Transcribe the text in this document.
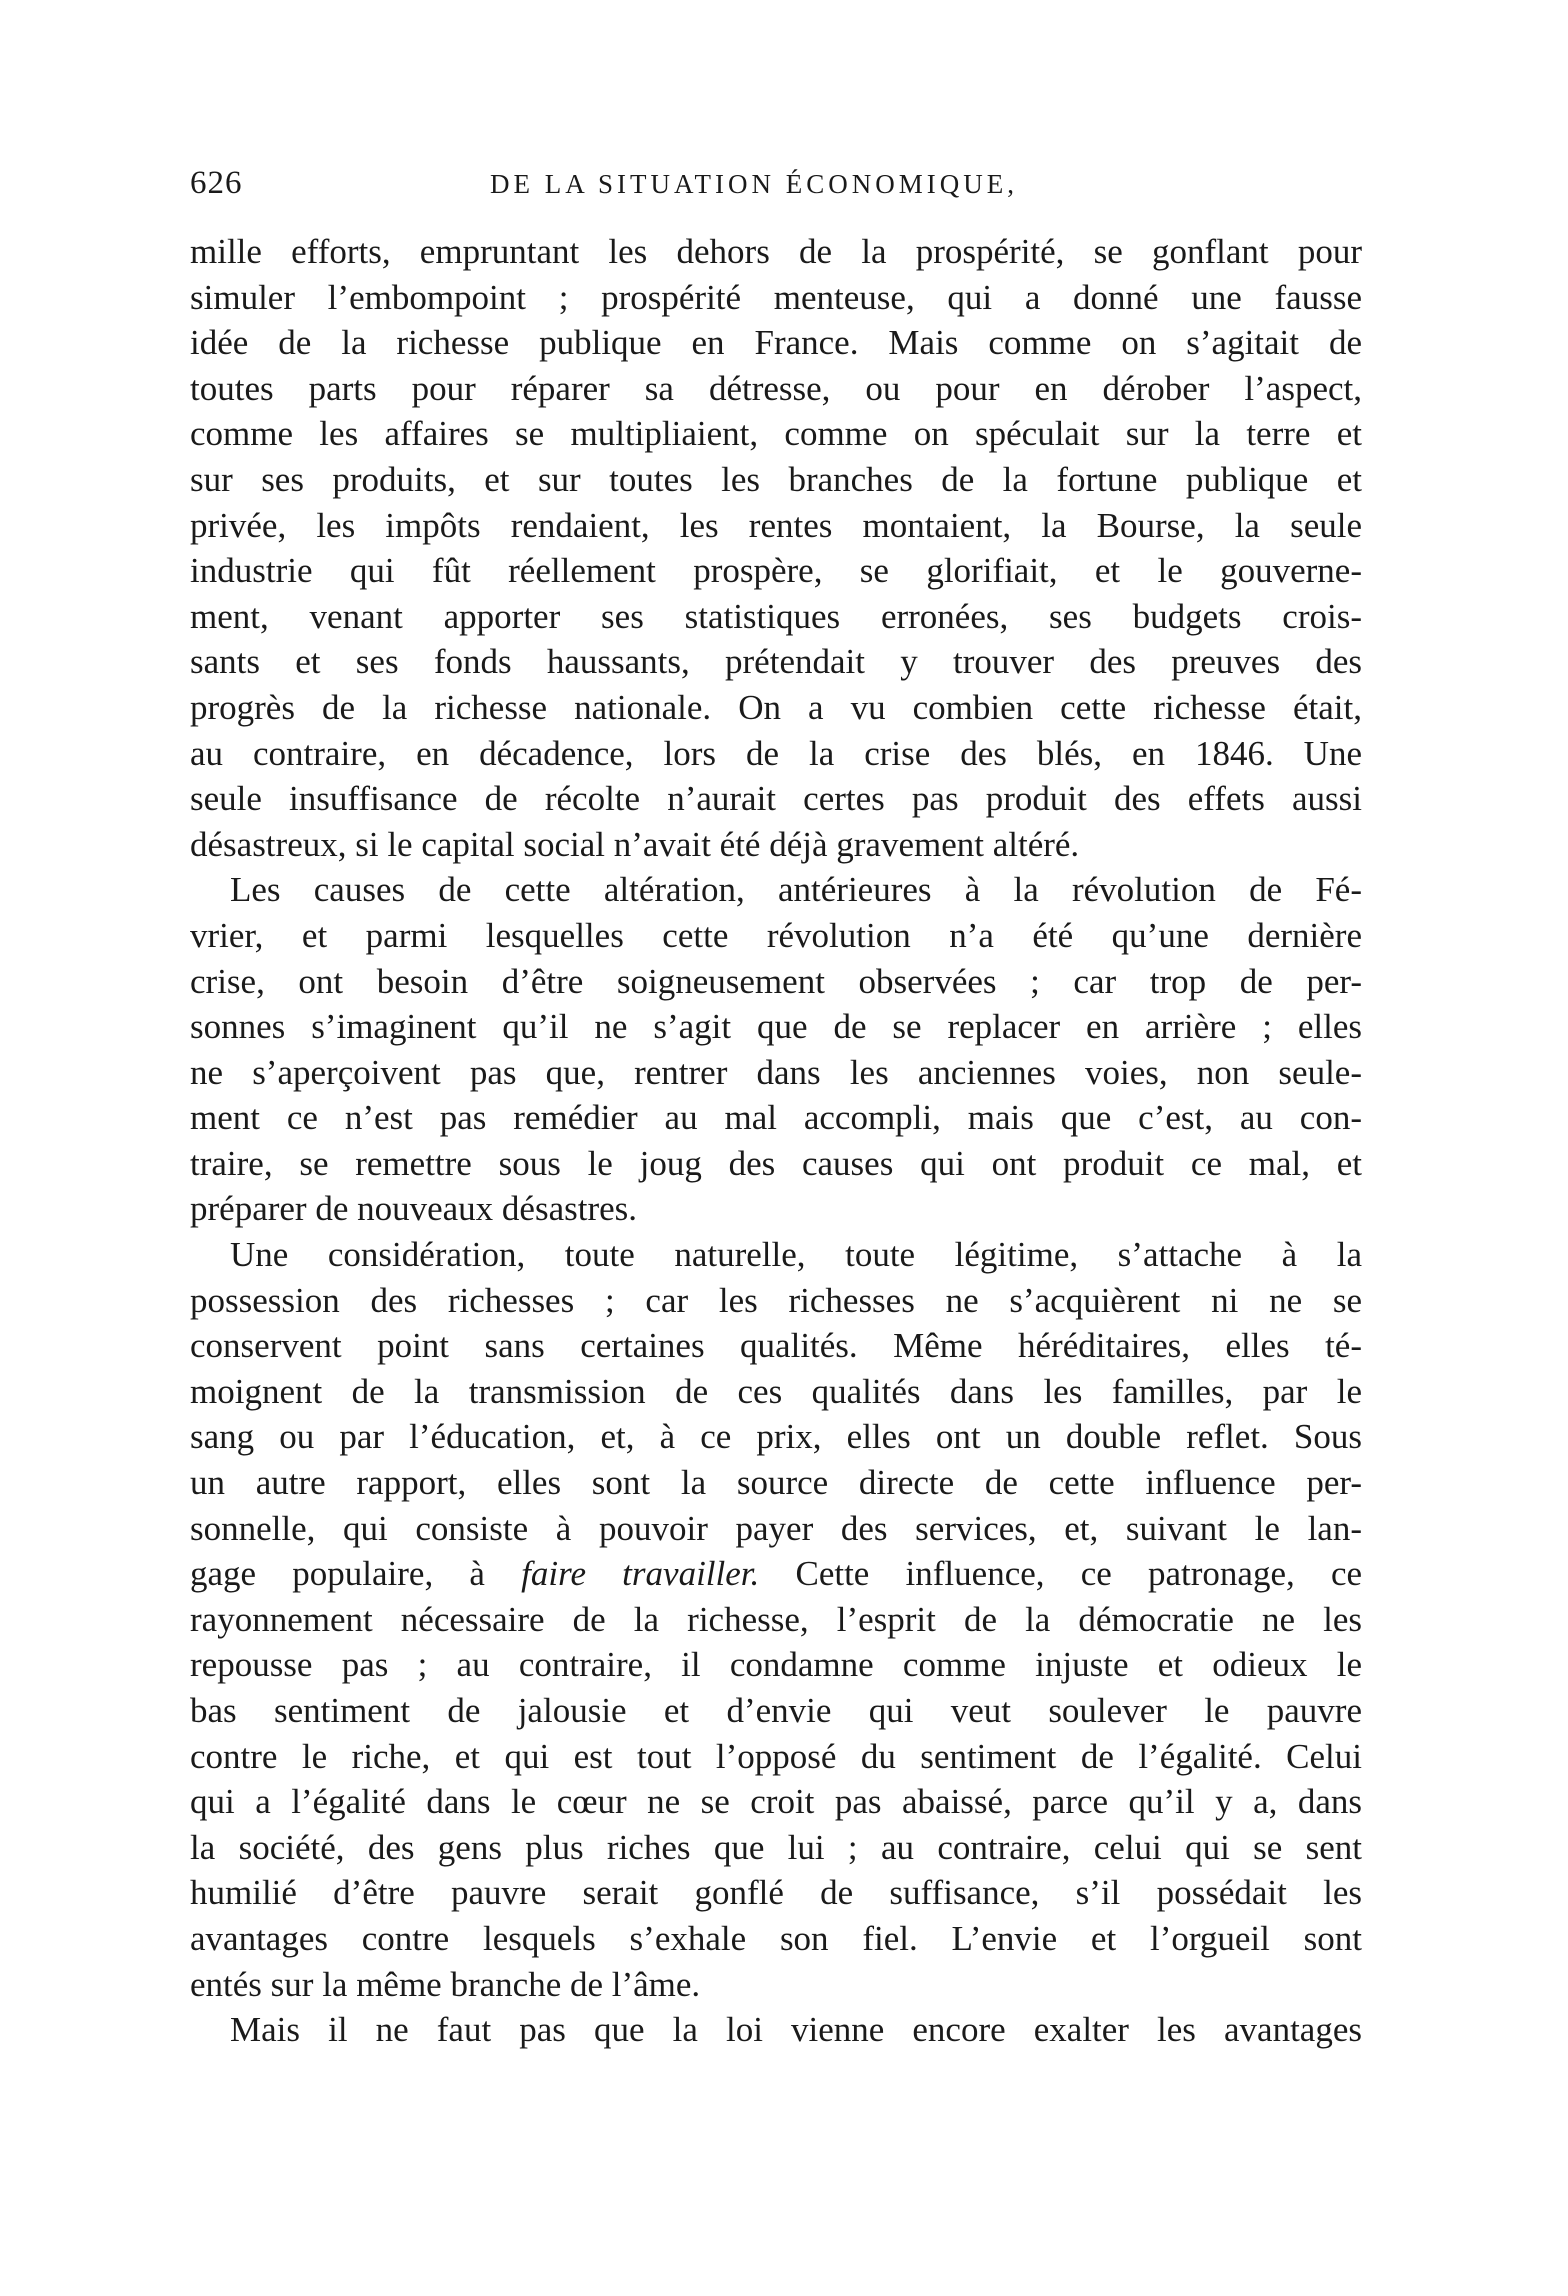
626	DE LA SITUATION ÉCONOMIQUE,
mille efforts, empruntant les dehors de la prospérité, se gonflant pour
simuler l’embompoint ; prospérité menteuse, qui a donné une fausse
idée de la richesse publique en France. Mais comme on s’agitait de
toutes parts pour réparer sa détresse, ou pour en dérober l’aspect,
comme les affaires se multipliaient, comme on spéculait sur la terre et
sur ses produits, et sur toutes les branches de la fortune publique et
privée, les impôts rendaient, les rentes montaient, la Bourse, la seule
industrie qui fût réellement prospère, se glorifiait, et le gouverne-
ment, venant apporter ses statistiques erronées, ses budgets crois-
sants et ses fonds haussants, prétendait y trouver des preuves des
progrès de la richesse nationale. On a vu combien cette richesse était,
au contraire, en décadence, lors de la crise des blés, en 1846. Une
seule insuffisance de récolte n’aurait certes pas produit des effets aussi
désastreux, si le capital social n’avait été déjà gravement altéré.
Les causes de cette altération, antérieures à la révolution de Fé-
vrier, et parmi lesquelles cette révolution n’a été qu’une dernière
crise, ont besoin d’être soigneusement observées ; car trop de per-
sonnes s’imaginent qu’il ne s’agit que de se replacer en arrière ; elles
ne s’aperçoivent pas que, rentrer dans les anciennes voies, non seule-
ment ce n’est pas remédier au mal accompli, mais que c’est, au con-
traire, se remettre sous le joug des causes qui ont produit ce mal, et
préparer de nouveaux désastres.
Une considération, toute naturelle, toute légitime, s’attache à la
possession des richesses ; car les richesses ne s’acquièrent ni ne se
conservent point sans certaines qualités. Même héréditaires, elles té-
moignent de la transmission de ces qualités dans les familles, par le
sang ou par l’éducation, et, à ce prix, elles ont un double reflet. Sous
un autre rapport, elles sont la source directe de cette influence per-
sonnelle, qui consiste à pouvoir payer des services, et, suivant le lan-
gage populaire, à faire travailler. Cette influence, ce patronage, ce
rayonnement nécessaire de la richesse, l’esprit de la démocratie ne les
repousse pas ; au contraire, il condamne comme injuste et odieux le
bas sentiment de jalousie et d’envie qui veut soulever le pauvre
contre le riche, et qui est tout l’opposé du sentiment de l’égalité. Celui
qui a l’égalité dans le cœur ne se croit pas abaissé, parce qu’il y a, dans
la société, des gens plus riches que lui ; au contraire, celui qui se sent
humilié d’être pauvre serait gonflé de suffisance, s’il possédait les
avantages contre lesquels s’exhale son fiel. L’envie et l’orgueil sont
entés sur la même branche de l’âme.
Mais il ne faut pas que la loi vienne encore exalter les avantages
